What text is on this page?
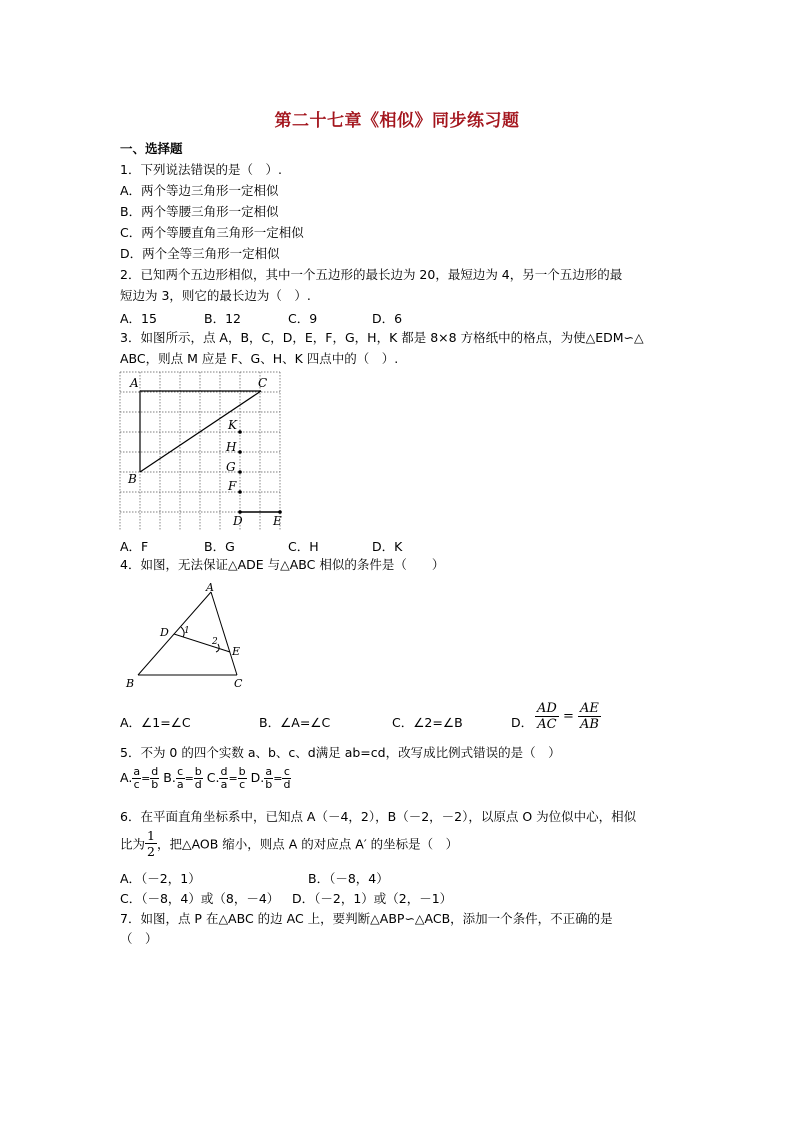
第二十七章《相似》同步练习题
一、选择题
1．下列说法错误的是（　）.
A．两个等边三角形一定相似
B．两个等腰三角形一定相似
C．两个等腰直角三角形一定相似
D．两个全等三角形一定相似
2．已知两个五边形相似，其中一个五边形的最长边为 20，最短边为 4，另一个五边形的最
短边为 3，则它的最长边为（　）.
A．15	B．12	C．9	D．6
3．如图所示，点 A，B，C，D，E，F，G，H，K 都是 8×8 方格纸中的格点，为使△EDM∽△
ABC，则点 M 应是 F、G、H、K 四点中的（　）.
A	C
B
K
H
G
F
D	E
A．F	B．G	C．H	D．K
4．如图，无法保证△ADE 与△ABC 相似的条件是（　　）
A
B	C
D
E
1
2
A．∠1=∠C	B．∠A=∠C	C．∠2=∠B	D． $\frac{AD}{AC} = \frac{AE}{AB}$
5．不为 0 的四个实数 a、b、c、d满足 ab=cd，改写成比例式错误的是（　）
A. $\frac{a}{c} = \frac{d}{b} B$. $\frac{c}{a} = \frac{b}{d} C$. $\frac{d}{a} = \frac{b}{c} D$. $\frac{a}{b} = \frac{c}{d}$
6．在平面直角坐标系中，已知点 A（－4，2），B（－2，－2），以原点 O 为位似中心，相似
比为 $\frac{1}{2}$ ，把△AOB 缩小，则点 A 的对应点 A′ 的坐标是（　）
A．（－2，1）	B．（－8，4）
C．（－8，4）或（8，－4） D．（－2，1）或（2，－1）
7．如图，点 P 在△ABC 的边 AC 上，要判断△ABP∽△ACB，添加一个条件，不正确的是
（　）
